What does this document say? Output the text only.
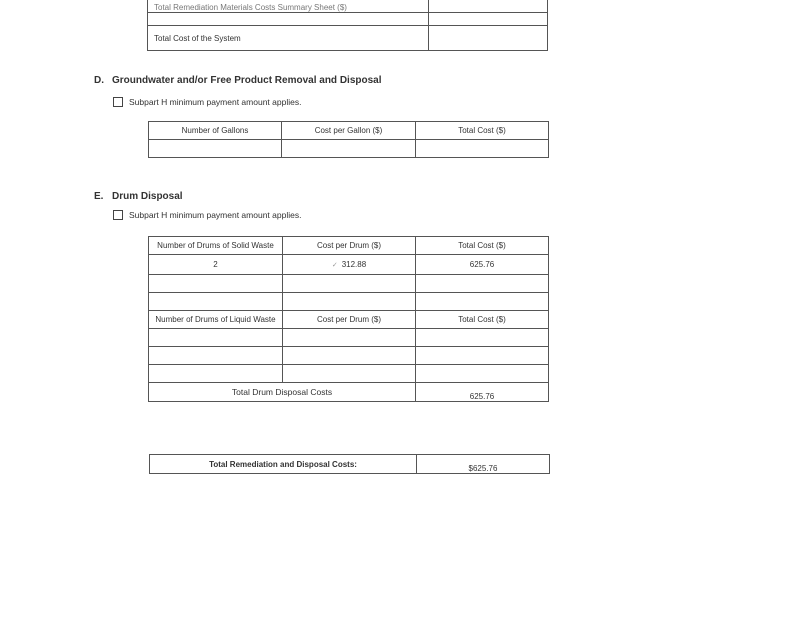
Total Remediation Materials Costs Summary Sheet ($)	

Total Cost of the System	
D. Groundwater and/or Free Product Removal and Disposal
Subpart H minimum payment amount applies.
Number of Gallons	Cost per Gallon ($)	Total Cost ($)

E. Drum Disposal
Subpart H minimum payment amount applies.
Number of Drums of Solid Waste	Cost per Drum ($)	Total Cost ($)
2	✓ 312.88	625.76

Number of Drums of Liquid Waste	Cost per Drum ($)	Total Cost ($)

Total Drum Disposal Costs		625.76
Total Remediation and Disposal Costs:	$625.76
